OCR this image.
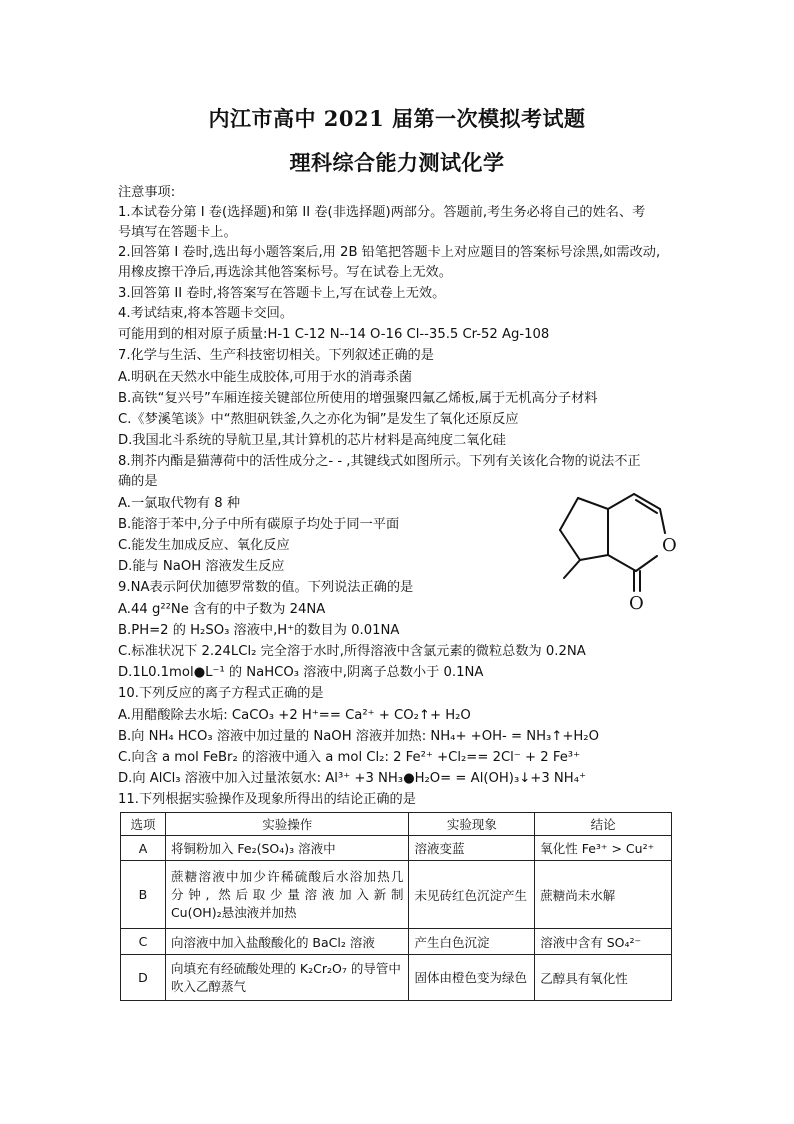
内江市高中 2021 届第一次模拟考试题
理科综合能力测试化学
注意事项:
1.本试卷分第 I 卷(选择题)和第 II 卷(非选择题)两部分。答题前,考生务必将自己的姓名、考
号填写在答题卡上。
2.回答第 I 卷时,选出每小题答案后,用 2B 铅笔把答题卡上对应题目的答案标号涂黑,如需改动,
用橡皮擦干净后,再选涂其他答案标号。写在试卷上无效。
3.回答第 II 卷时,将答案写在答题卡上,写在试卷上无效。
4.考试结束,将本答题卡交回。
可能用到的相对原子质量:H-1 C-12 N--14 O-16 Cl--35.5 Cr-52 Ag-108
7.化学与生活、生产科技密切相关。下列叙述正确的是
A.明矾在天然水中能生成胶体,可用于水的消毒杀菌
B.高铁“复兴号”车厢连接关键部位所使用的增强聚四氟乙烯板,属于无机高分子材料
C.《梦溪笔谈》中“熬胆矾铁釜,久之亦化为铜”是发生了氧化还原反应
D.我国北斗系统的导航卫星,其计算机的芯片材料是高纯度二氧化硅
8.荆芥内酯是猫薄荷中的活性成分之- - ,其键线式如图所示。下列有关该化合物的说法不正
确的是
A.一氯取代物有 8 种
B.能溶于苯中,分子中所有碳原子均处于同一平面
C.能发生加成反应、氧化反应
D.能与 NaOH 溶液发生反应
9.NA表示阿伏加德罗常数的值。下列说法正确的是
A.44 g²²Ne 含有的中子数为 24NA
B.PH=2 的 H₂SO₃ 溶液中,H⁺的数目为 0.01NA
C.标准状况下 2.24LCl₂ 完全溶于水时,所得溶液中含氯元素的微粒总数为 0.2NA
D.1L0.1mol●L⁻¹ 的 NaHCO₃ 溶液中,阴离子总数小于 0.1NA
10.下列反应的离子方程式正确的是
A.用醋酸除去水垢: CaCO₃ +2 H⁺== Ca²⁺ + CO₂↑+ H₂O
B.向 NH₄ HCO₃ 溶液中加过量的 NaOH 溶液并加热: NH₄+ +OH- = NH₃↑+H₂O
C.向含 a mol FeBr₂ 的溶液中通入 a mol Cl₂: 2 Fe²⁺ +Cl₂== 2Cl⁻ + 2 Fe³⁺
D.向 AlCl₃ 溶液中加入过量浓氨水: Al³⁺ +3 NH₃●H₂O= = Al(OH)₃↓+3 NH₄⁺
11.下列根据实验操作及现象所得出的结论正确的是
O
O
选项	实验操作	实验现象	结论
A	将铜粉加入 Fe₂(SO₄)₃ 溶液中	溶液变蓝	氧化性 Fe³⁺ > Cu²⁺
B	蔗糖溶液中加少许稀硫酸后水浴加热几
分钟, 然后取少量溶液加入新制
Cu(OH)₂悬浊液并加热	未见砖红色沉淀产生	蔗糖尚未水解
C	向溶液中加入盐酸酸化的 BaCl₂ 溶液	产生白色沉淀	溶液中含有 SO₄²⁻
D	向填充有经硫酸处理的 K₂Cr₂O₇ 的导管中吹入乙醇蒸气	固体由橙色变为绿色	乙醇具有氧化性
